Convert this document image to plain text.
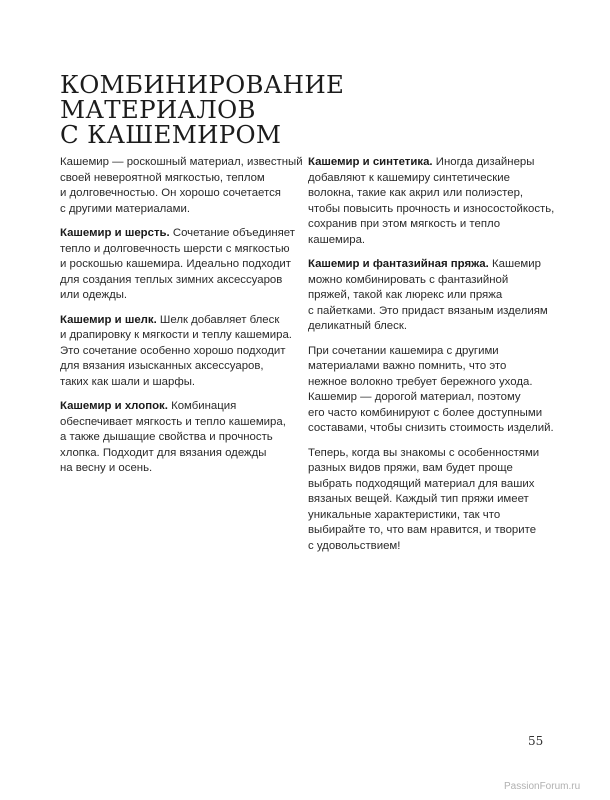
КОМБИНИРОВАНИЕ
МАТЕРИАЛОВ
С КАШЕМИРОМ

Кашемир — роскошный материал, известный
своей невероятной мягкостью, теплом
и долговечностью. Он хорошо сочетается
с другими материалами.

Кашемир и шерсть. Сочетание объединяет
тепло и долговечность шерсти с мягкостью
и роскошью кашемира. Идеально подходит
для создания теплых зимних аксессуаров
или одежды.

Кашемир и шелк. Шелк добавляет блеск
и драпировку к мягкости и теплу кашемира.
Это сочетание особенно хорошо подходит
для вязания изысканных аксессуаров,
таких как шали и шарфы.

Кашемир и хлопок. Комбинация
обеспечивает мягкость и тепло кашемира,
а также дышащие свойства и прочность
хлопка. Подходит для вязания одежды
на весну и осень.

Кашемир и синтетика. Иногда дизайнеры
добавляют к кашемиру синтетические
волокна, такие как акрил или полиэстер,
чтобы повысить прочность и износостойкость,
сохранив при этом мягкость и тепло
кашемира.

Кашемир и фантазийная пряжа. Кашемир
можно комбинировать с фантазийной
пряжей, такой как люрекс или пряжа
с пайетками. Это придаст вязаным изделиям
деликатный блеск.

При сочетании кашемира с другими
материалами важно помнить, что это
нежное волокно требует бережного ухода.
Кашемир — дорогой материал, поэтому
его часто комбинируют с более доступными
составами, чтобы снизить стоимость изделий.

Теперь, когда вы знакомы с особенностями
разных видов пряжи, вам будет проще
выбрать подходящий материал для ваших
вязаных вещей. Каждый тип пряжи имеет
уникальные характеристики, так что
выбирайте то, что вам нравится, и творите
с удовольствием!

55
PassionForum.ru
